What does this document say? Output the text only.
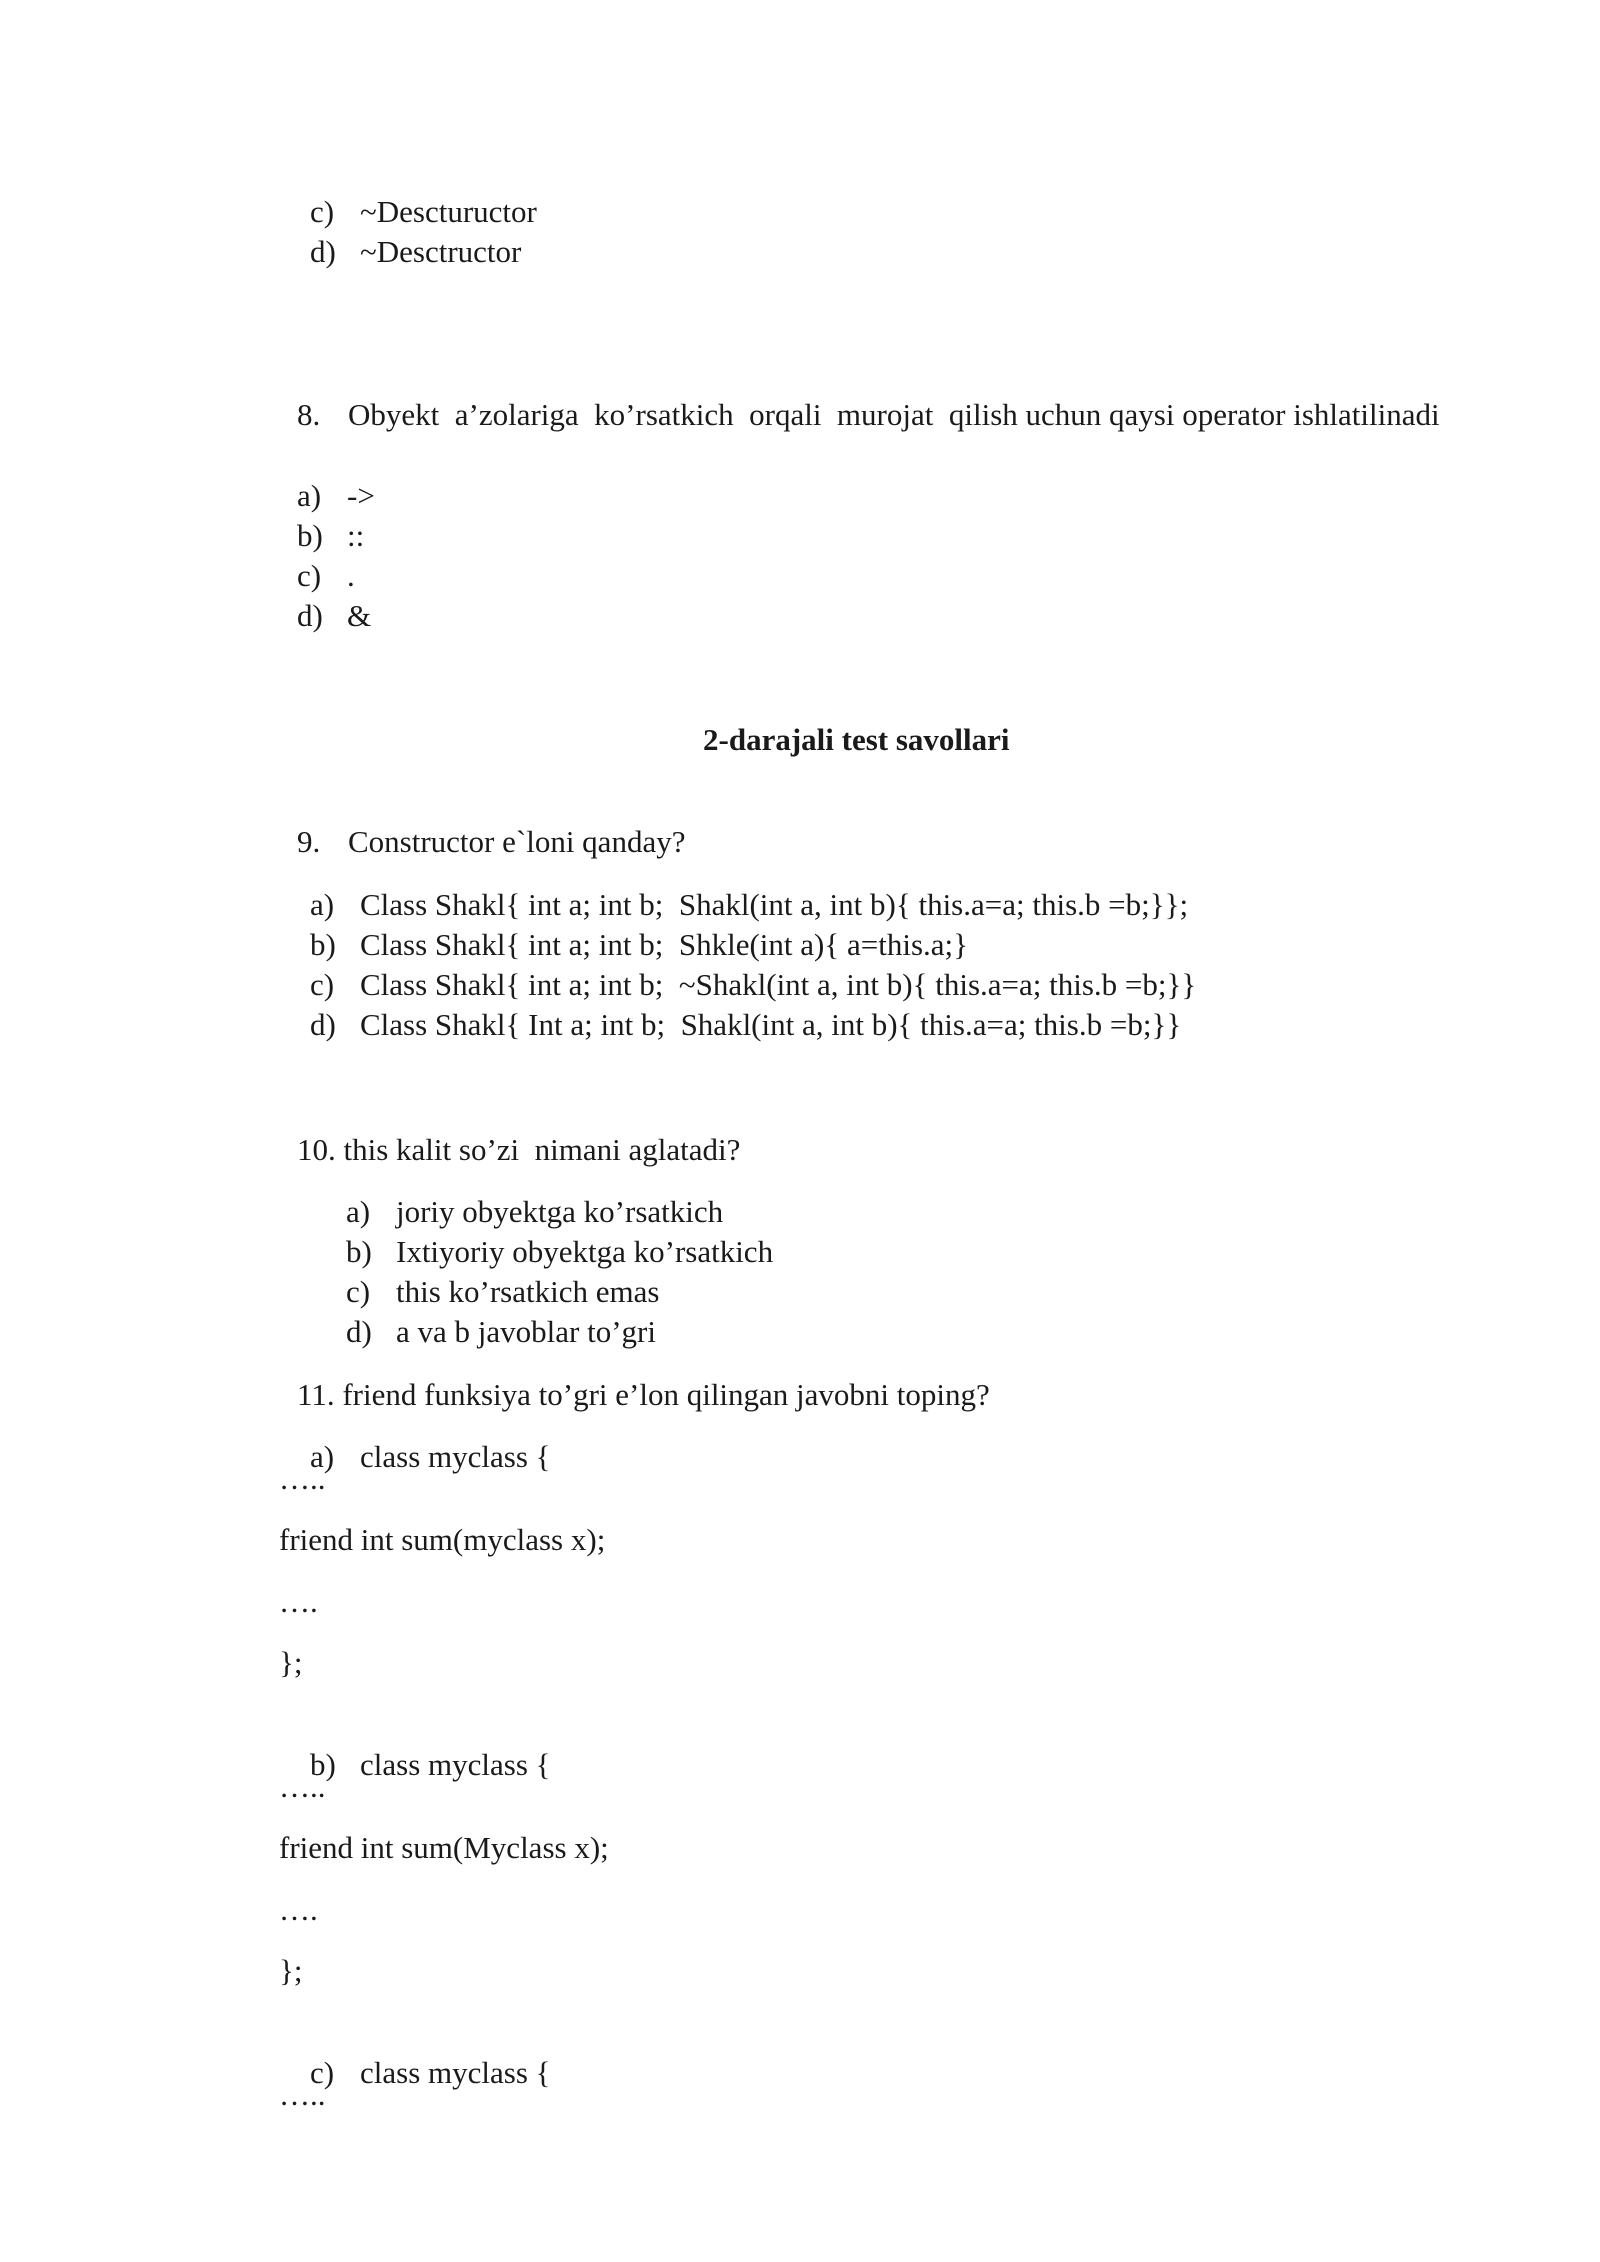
c) ~Desctuructor

d) ~Desctructor

8. Obyekt  a’zolariga  ko’rsatkich  orqali  murojat  qilish uchun qaysi operator ishlatilinadi

a) ->

b) ::

c) .

d) &

2-darajali test savollari

9. Constructor e`loni qanday?

a) Class Shakl{ int a; int b;  Shakl(int a, int b){ this.a=a; this.b =b;}};

b) Class Shakl{ int a; int b;  Shkle(int a){ a=this.a;}

c) Class Shakl{ int a; int b;  ~Shakl(int a, int b){ this.a=a; this.b =b;}}

d) Class Shakl{ Int a; int b;  Shakl(int a, int b){ this.a=a; this.b =b;}}

10. this kalit so’zi  nimani aglatadi?

a) joriy obyektga ko’rsatkich

b) Ixtiyoriy obyektga ko’rsatkich

c) this ko’rsatkich emas

d) a va b javoblar to’gri

11. friend funksiya to’gri e’lon qilingan javobni toping?

a) class myclass {

…..
friend int sum(myclass x);
….
};

b) class myclass {

…..
friend int sum(Myclass x);
….
};

c) class myclass {

…..
